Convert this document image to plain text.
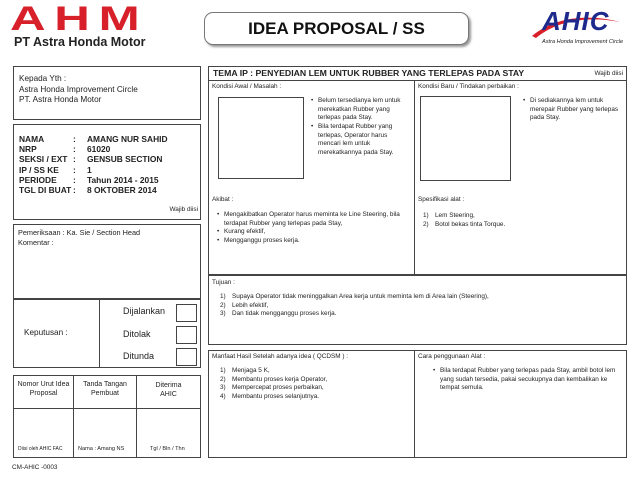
AHM
PT Astra Honda Motor
IDEA PROPOSAL / SS	AHIC
Astra Honda Improvement Circle
Kepada Yth :
Astra Honda Improvement Circle
PT. Astra Honda Motor
NAMA	:	AMANG NUR SAHID
NRP	:	61020
SEKSI / EXT :	GENSUB SECTION
IP / SS KE	:	1
PERIODE	:	Tahun 2014 - 2015
TGL DI BUAT :	8 OKTOBER 2014
Wajib diisi
Pemeriksaan : Ka. Sie / Section Head
Komentar :
Keputusan :
Dijalankan
Ditolak
Ditunda
Nomor Urut Idea Proposal
Tanda Tangan Pembuat
Diterima AHIC
Diisi oleh AHIC FAC	Nama : Amang NS	Tgl / Bln / Thn
CM-AHIC -0003
TEMA IP : PENYEDIAN LEM UNTUK RUBBER YANG TERLEPAS PADA STAY	Wajib diisi
Kondisi Awal / Masalah :
• Belum tersedianya lem untuk merekatkan Rubber yang terlepas pada Stay.
• Bila terdapat Rubber yang terlepas, Operator harus mencari lem untuk merekatkannya pada Stay.
Akibat :
• Mengakibatkan Operator harus meminta ke Line Steering, bila terdapat Rubber yang terlepas pada Stay,
• Kurang efektif,
• Mengganggu proses kerja.
Kondisi Baru / Tindakan perbaikan :
• Di sediakannya lem untuk merepair Rubber yang terlepas pada Stay.
Spesifikasi alat :
1) Lem Steering,
2) Botol bekas tinta Torque.
Tujuan :
1) Supaya Operator tidak meninggalkan Area kerja untuk meminta lem di Area lain (Steering),
2) Lebih efektif,
3) Dan tidak mengganggu proses kerja.
Manfaat Hasil Setelah adanya idea ( QCDSM ) :
1) Menjaga 5 K,
2) Membantu proses kerja Operator,
3) Mempercepat proses perbaikan,
4) Membantu proses selanjutnya.
Cara penggunaan Alat :
• Bila terdapat Rubber yang terlepas pada Stay, ambil botol lem yang sudah tersedia, pakai secukupnya dan kembalikan ke tempat semula.
